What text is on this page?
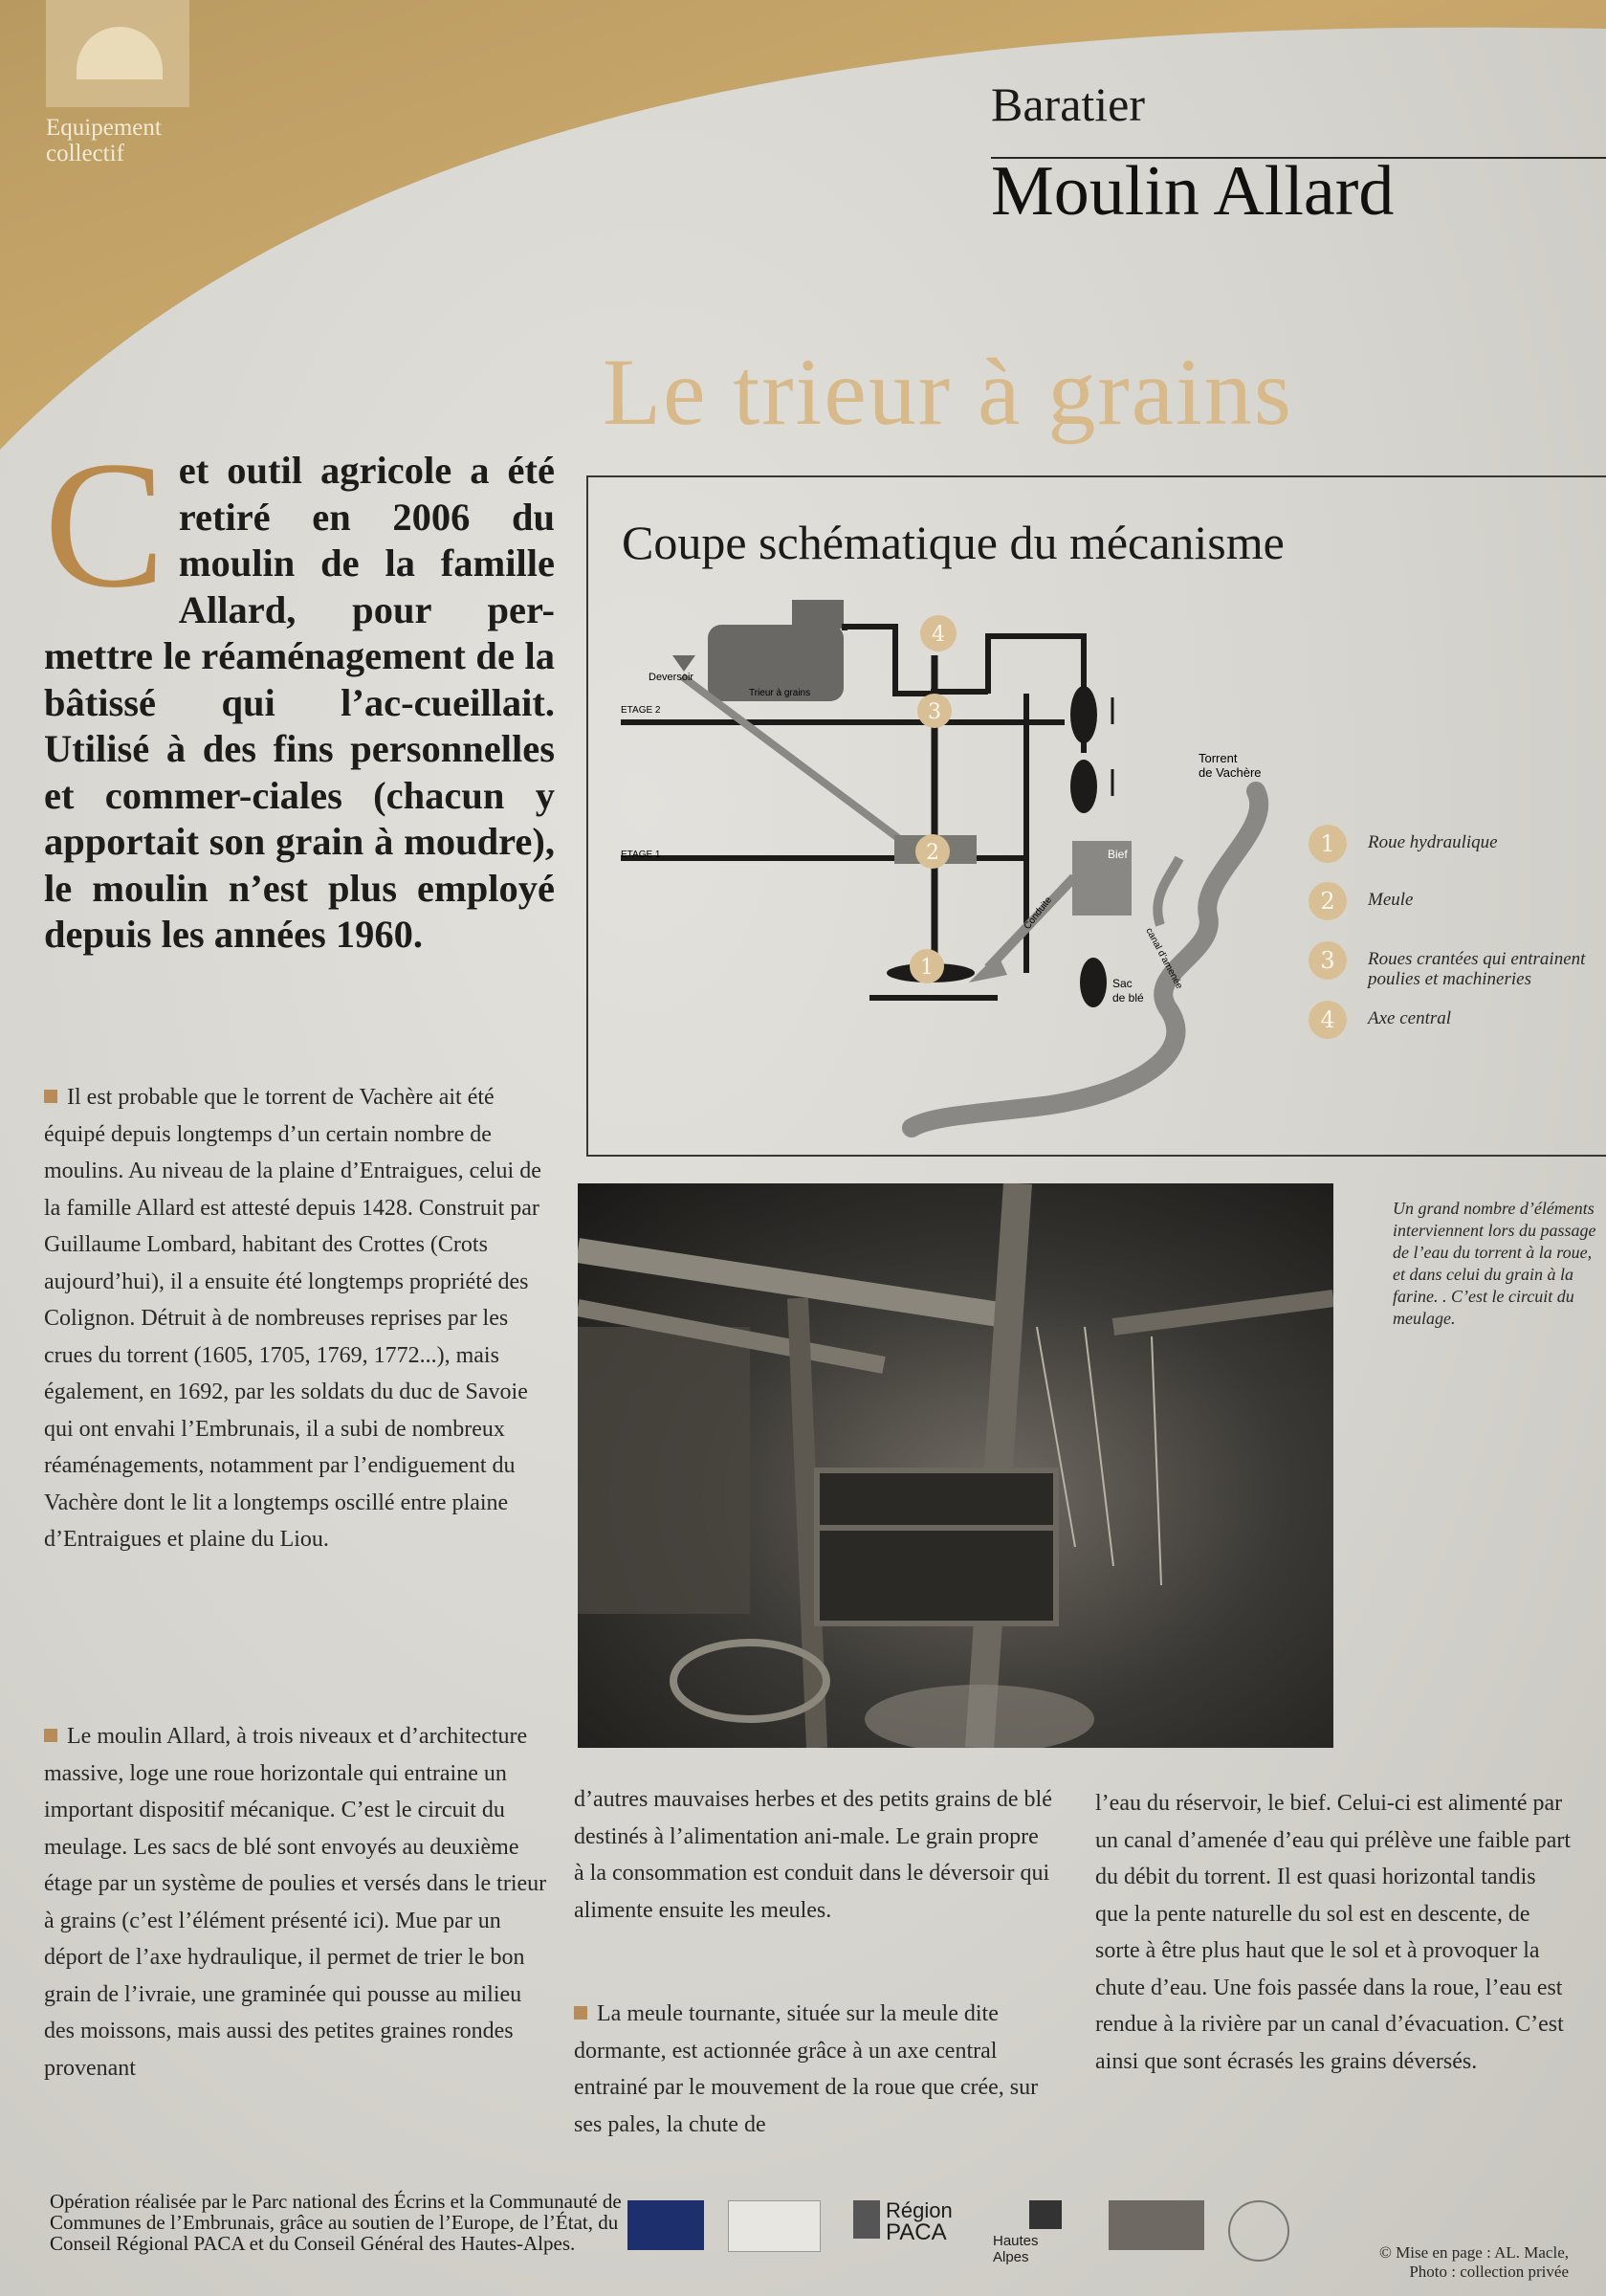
Equipement collectif
Baratier
Moulin Allard
Le trieur à grains
Cet outil agricole a été retiré en 2006 du moulin de la famille Allard, pour per-mettre le réaménagement de la bâtissé qui l’ac-cueillait. Utilisé à des fins personnelles et commer-ciales (chacun y apportait son grain à moudre), le moulin n’est plus employé depuis les années 1960.
Il est probable que le torrent de Vachère ait été équipé depuis longtemps d’un certain nombre de moulins. Au niveau de la plaine d’Entraigues, celui de la famille Allard est attesté depuis 1428. Construit par Guillaume Lombard, habitant des Crottes (Crots aujourd’hui), il a ensuite été longtemps propriété des Colignon. Détruit à de nombreuses reprises par les crues du torrent (1605, 1705, 1769, 1772...), mais également, en 1692, par les soldats du duc de Savoie qui ont envahi l’Embrunais, il a subi de nombreux réaménagements, notamment par l’endiguement du Vachère dont le lit a longtemps oscillé entre plaine d’Entraigues et plaine du Liou.
Le moulin Allard, à trois niveaux et d’architecture massive, loge une roue horizontale qui entraine un important dispositif mécanique. C’est le circuit du meulage. Les sacs de blé sont envoyés au deuxième étage par un système de poulies et versés dans le trieur à grains (c’est l’élément présenté ici). Mue par un déport de l’axe hydraulique, il permet de trier le bon grain de l’ivraie, une graminée qui pousse au milieu des moissons, mais aussi des petites graines rondes provenant
d’autres mauvaises herbes et des petits grains de blé destinés à l’alimentation ani-male. Le grain propre à la consommation est conduit dans le déversoir qui alimente ensuite les meules.
La meule tournante, située sur la meule dite dormante, est actionnée grâce à un axe central entrainé par le mouvement de la roue que crée, sur ses pales, la chute de
l’eau du réservoir, le bief. Celui-ci est alimenté par un canal d’amenée d’eau qui prélève une faible part du débit du torrent. Il est quasi horizontal tandis que la pente naturelle du sol est en descente, de sorte à être plus haut que le sol et à provoquer la chute d’eau. Une fois passée dans la roue, l’eau est rendue à la rivière par un canal d’évacuation. C’est ainsi que sont écrasés les grains déversés.
Coupe schématique du mécanisme
4
3
2
1
Deversoir
Trieur à grains
ETAGE 2
ETAGE 1
Torrent
de Vachère
Bief
Conduite
canal d’amenée
Sac
de blé
1	Roue hydraulique
2	Meule
3	Roues crantées qui entrainent poulies et machineries
4	Axe central
Un grand nombre d’éléments interviennent lors du passage de l’eau du torrent à la roue, et dans celui du grain à la farine. . C’est le circuit du meulage.
Opération réalisée par le Parc national des Écrins et la Communauté de Communes de l’Embrunais, grâce au soutien de l’Europe, de l’État, du Conseil Régional PACA et du Conseil Général des Hautes-Alpes.
Région
PACA	Hautes Alpes	© Mise en page : AL. Macle,
Photo : collection privée
